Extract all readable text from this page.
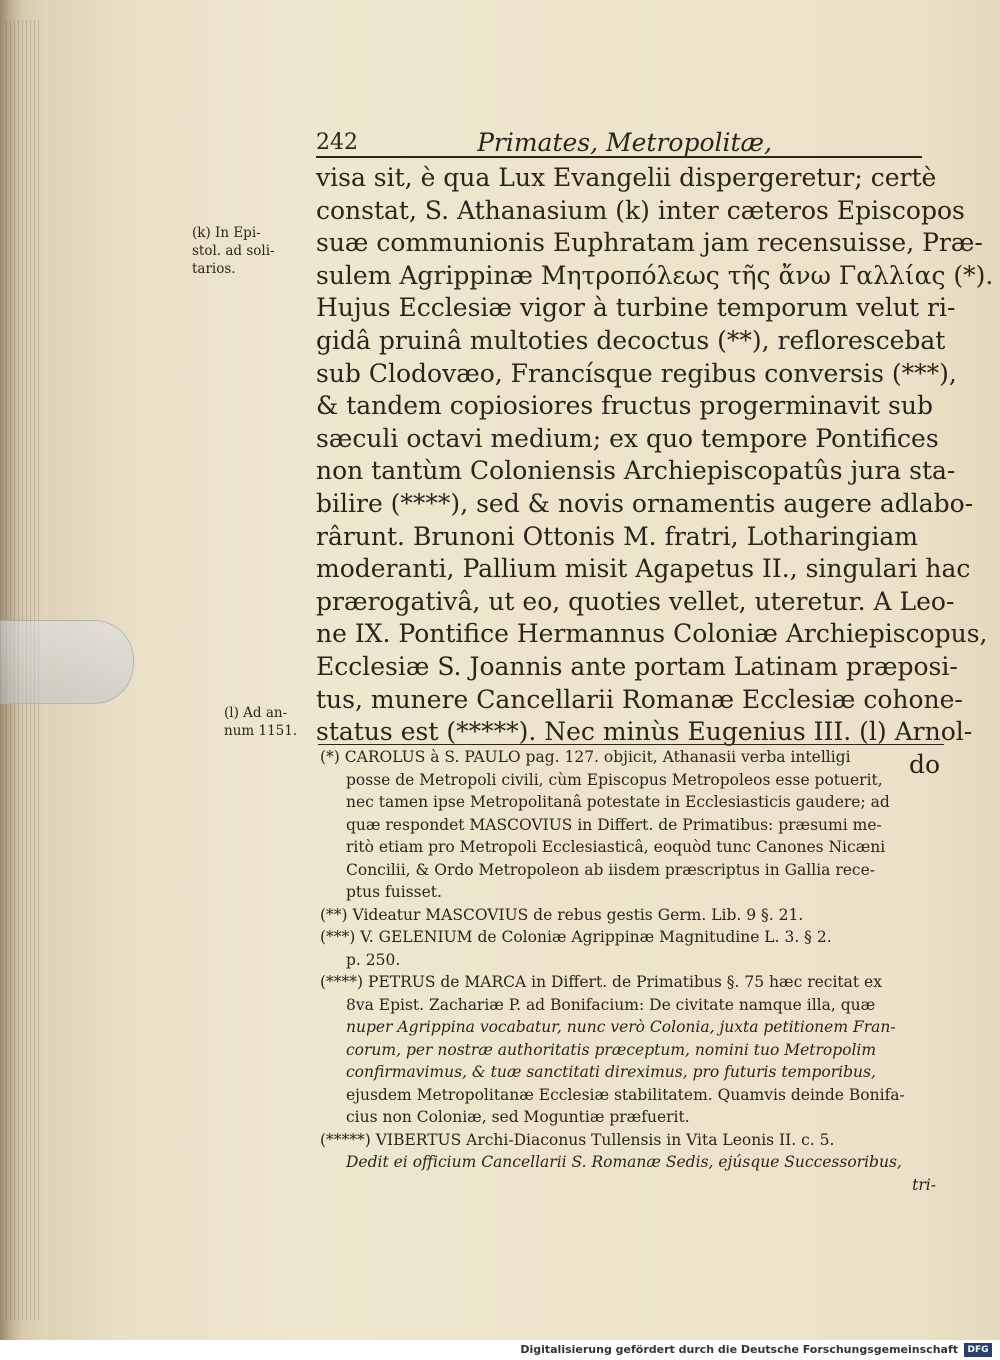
242	Primates, Metropolitæ,
(k) In Epi-
stol. ad soli-
tarios.
(l) Ad an-
num 1151.
visa sit, è qua Lux Evangelii dispergeretur; certè
constat, S. Athanasium (k) inter cæteros Episcopos
suæ communionis Euphratam jam recensuisse, Præ-
sulem Agrippinæ Μητροπόλεως τῆς ἄνω Γαλλίας (*).
Hujus Ecclesiæ vigor à turbine temporum velut ri-
gidâ pruinâ multoties decoctus (**), reflorescebat
sub Clodovæo, Francísque regibus conversis (***),
& tandem copiosiores fructus progerminavit sub
sæculi octavi medium; ex quo tempore Pontifices
non tantùm Coloniensis Archiepiscopatûs jura sta-
bilire (****), sed & novis ornamentis augere adlabo-
rârunt. Brunoni Ottonis M. fratri, Lotharingiam
moderanti, Pallium misit Agapetus II., singulari hac
prærogativâ, ut eo, quoties vellet, uteretur. A Leo-
ne IX. Pontifice Hermannus Coloniæ Archiepiscopus,
Ecclesiæ S. Joannis ante portam Latinam præposi-
tus, munere Cancellarii Romanæ Ecclesiæ cohone-
status est (*****). Nec minùs Eugenius III. (l) Arnol-
do
(*) CAROLUS à S. PAULO pag. 127. objicit, Athanasii verba intelligi
posse de Metropoli civili, cùm Episcopus Metropoleos esse potuerit,
nec tamen ipse Metropolitanâ potestate in Ecclesiasticis gaudere; ad
quæ respondet MASCOVIUS in Differt. de Primatibus: præsumi me-
ritò etiam pro Metropoli Ecclesiasticâ, eoquòd tunc Canones Nicæni
Concilii, & Ordo Metropoleon ab iisdem præscriptus in Gallia rece-
ptus fuisset.
(**) Videatur MASCOVIUS de rebus gestis Germ. Lib. 9 §. 21.
(***) V. GELENIUM de Coloniæ Agrippinæ Magnitudine L. 3. § 2.
p. 250.
(****) PETRUS de MARCA in Differt. de Primatibus §. 75 hæc recitat ex
8va Epist. Zachariæ P. ad Bonifacium: De civitate namque illa, quæ
nuper Agrippina vocabatur, nunc verò Colonia, juxta petitionem Fran-
corum, per nostræ authoritatis præceptum, nomini tuo Metropolim
confirmavimus, & tuæ sanctitati direximus, pro futuris temporibus,
ejusdem Metropolitanæ Ecclesiæ stabilitatem. Quamvis deinde Bonifa-
cius non Coloniæ, sed Moguntiæ præfuerit.
(*****) VIBERTUS Archi-Diaconus Tullensis in Vita Leonis II. c. 5.
Dedit ei officium Cancellarii S. Romanæ Sedis, ejúsque Successoribus,
tri-
Digitalisierung gefördert durch die Deutsche Forschungsgemeinschaft	DFG
